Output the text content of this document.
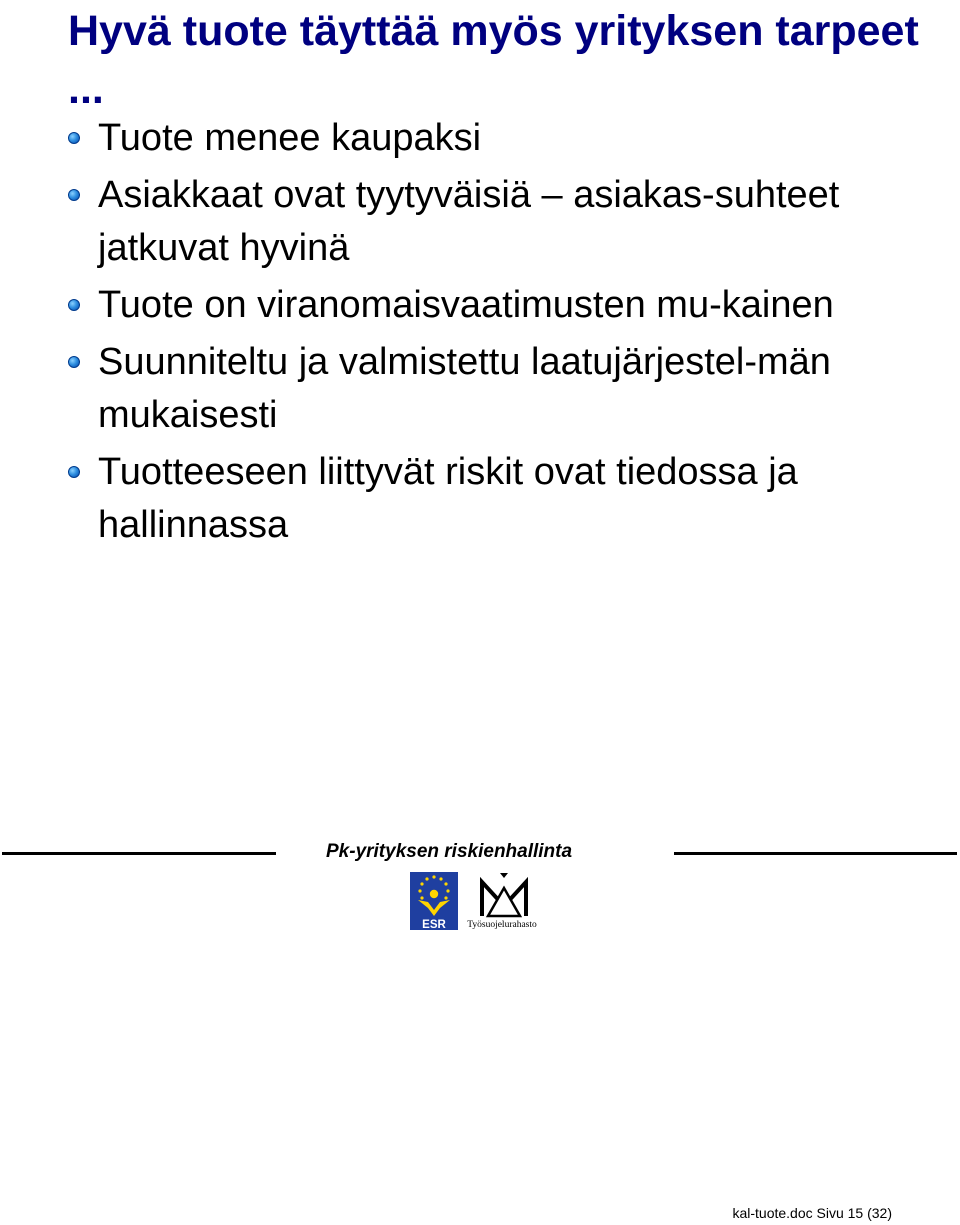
Hyvä tuote täyttää myös yrityksen tarpeet ...
Tuote menee kaupaksi
Asiakkaat ovat tyytyväisiä – asiakas-suhteet jatkuvat hyvinä
Tuote on viranomaisvaatimusten mu-kainen
Suunniteltu ja valmistettu laatujärjestel-män mukaisesti
Tuotteeseen liittyvät riskit ovat tiedossa ja hallinnassa
Pk-yrityksen riskienhallinta
ESR	Työsuojelurahasto
kal-tuote.doc Sivu 15 (32)
